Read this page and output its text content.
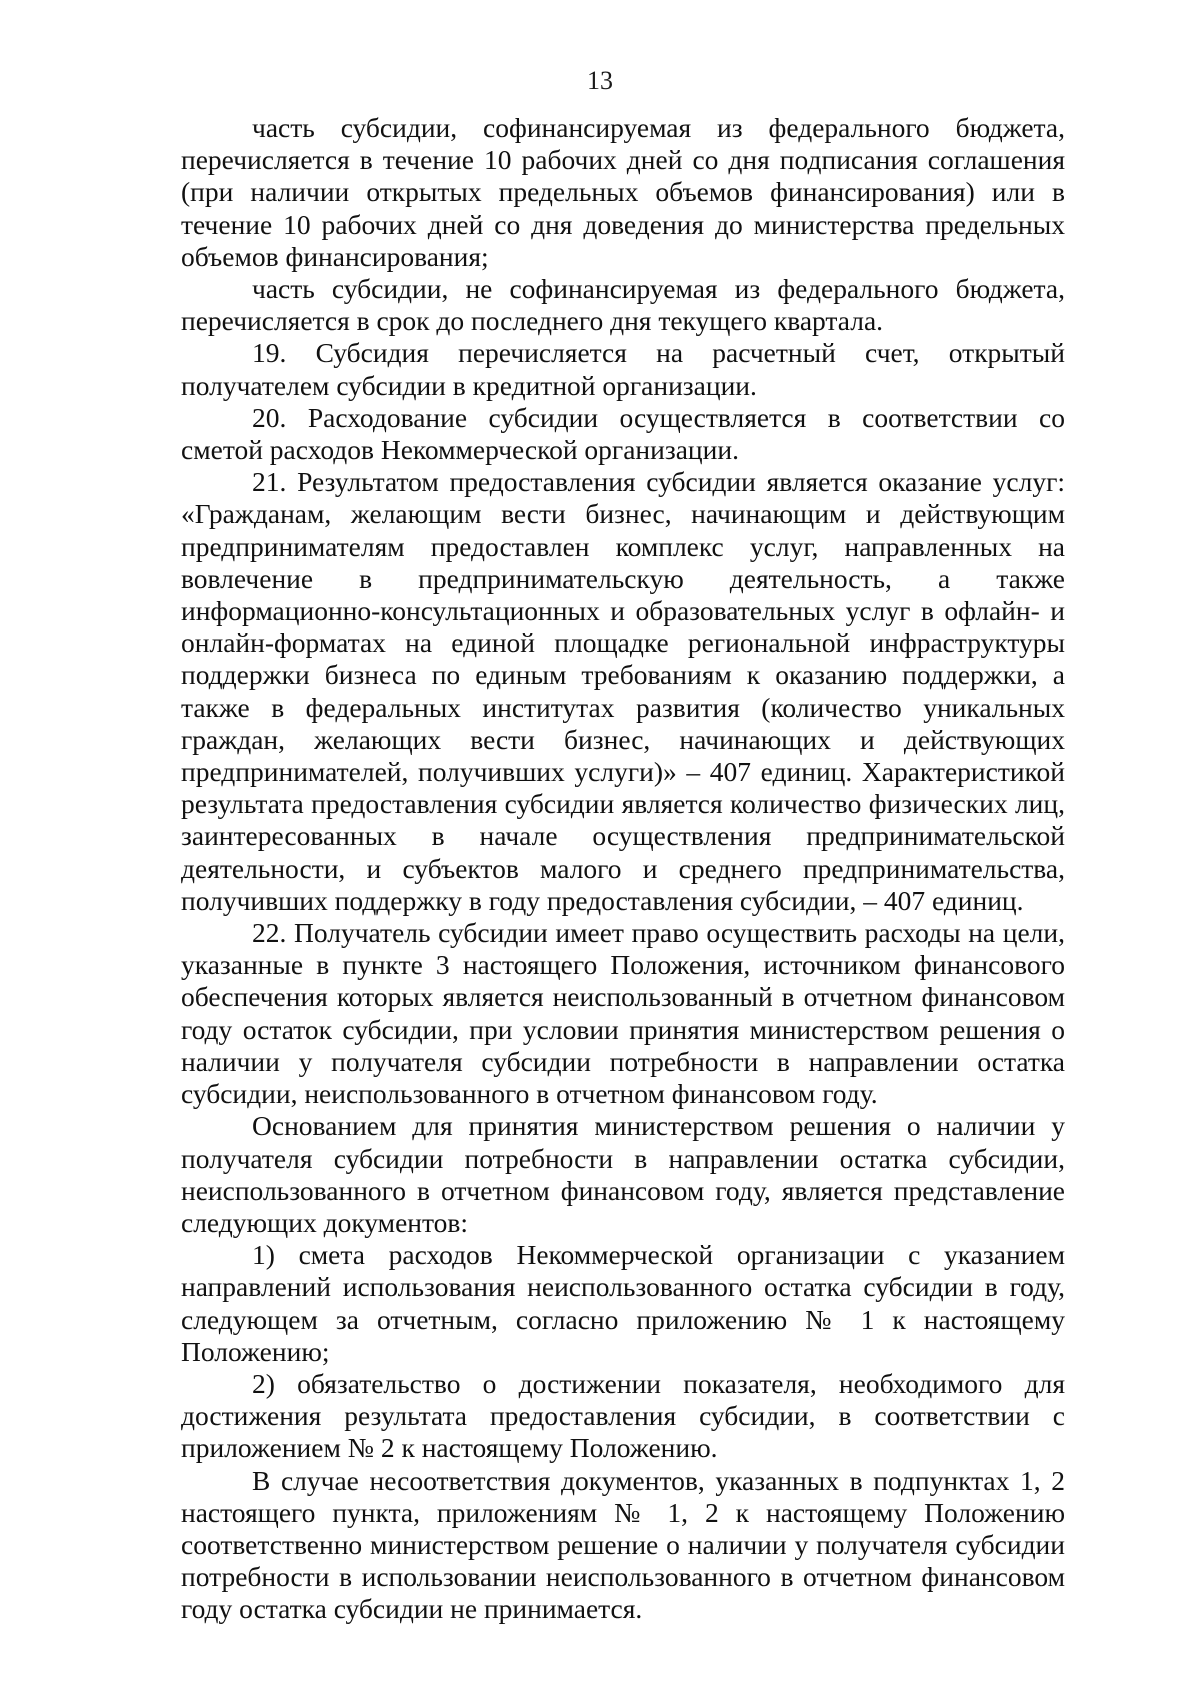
13

часть субсидии, софинансируемая из федерального бюджета, перечисляется в течение 10 рабочих дней со дня подписания соглашения (при наличии открытых предельных объемов финансирования) или в течение 10 рабочих дней со дня доведения до министерства предельных объемов финансирования;

часть субсидии, не софинансируемая из федерального бюджета, перечисляется в срок до последнего дня текущего квартала.

19. Субсидия перечисляется на расчетный счет, открытый получателем субсидии в кредитной организации.

20. Расходование субсидии осуществляется в соответствии со сметой расходов Некоммерческой организации.

21. Результатом предоставления субсидии является оказание услуг: «Гражданам, желающим вести бизнес, начинающим и действующим предпринимателям предоставлен комплекс услуг, направленных на вовлечение в предпринимательскую деятельность, а также информационно-консультационных и образовательных услуг в офлайн- и онлайн-форматах на единой площадке региональной инфраструктуры поддержки бизнеса по единым требованиям к оказанию поддержки, а также в федеральных институтах развития (количество уникальных граждан, желающих вести бизнес, начинающих и действующих предпринимателей, получивших услуги)» – 407 единиц. Характеристикой результата предоставления субсидии является количество физических лиц, заинтересованных в начале осуществления предпринимательской деятельности, и субъектов малого и среднего предпринимательства, получивших поддержку в году предоставления субсидии, – 407 единиц.

22. Получатель субсидии имеет право осуществить расходы на цели, указанные в пункте 3 настоящего Положения, источником финансового обеспечения которых является неиспользованный в отчетном финансовом году остаток субсидии, при условии принятия министерством решения о наличии у получателя субсидии потребности в направлении остатка субсидии, неиспользованного в отчетном финансовом году.

Основанием для принятия министерством решения о наличии у получателя субсидии потребности в направлении остатка субсидии, неиспользованного в отчетном финансовом году, является представление следующих документов:

1) смета расходов Некоммерческой организации с указанием направлений использования неиспользованного остатка субсидии в году, следующем за отчетным, согласно приложению № 1 к настоящему Положению;

2) обязательство о достижении показателя, необходимого для достижения результата предоставления субсидии, в соответствии с приложением № 2 к настоящему Положению.

В случае несоответствия документов, указанных в подпунктах 1, 2 настоящего пункта, приложениям № 1, 2 к настоящему Положению соответственно министерством решение о наличии у получателя субсидии потребности в использовании неиспользованного в отчетном финансовом году остатка субсидии не принимается.
